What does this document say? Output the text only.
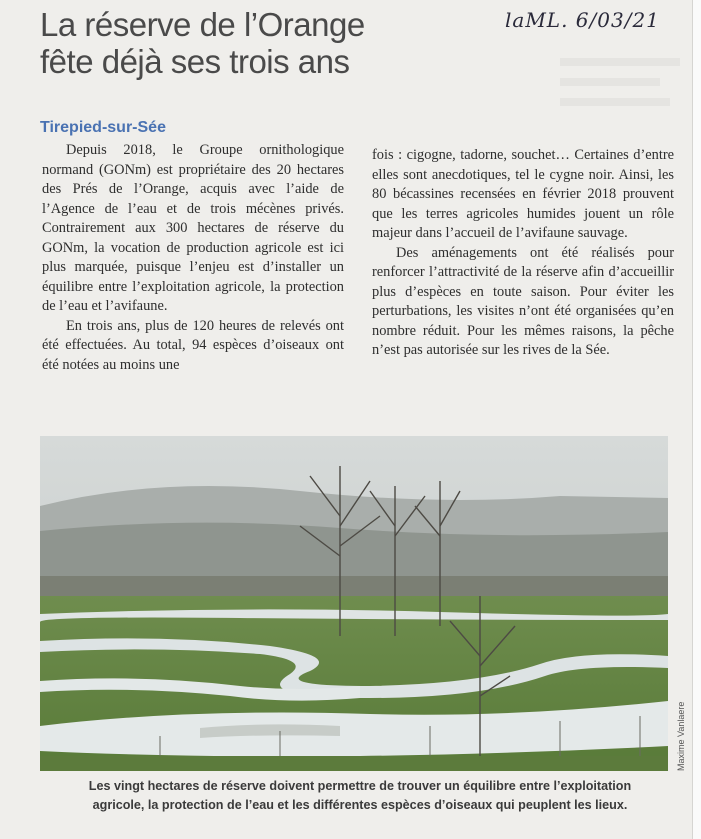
La réserve de l’Orange
fête déjà ses trois ans
laML. 6/03/21
Tirepied-sur-Sée

Depuis 2018, le Groupe ornithologique normand (GONm) est propriétaire des 20 hectares des Prés de l’Orange, acquis avec l’aide de l’Agence de l’eau et de trois mécènes privés. Contrairement aux 300 hectares de réserve du GONm, la vocation de production agricole est ici plus marquée, puisque l’enjeu est d’installer un équilibre entre l’exploitation agricole, la protection de l’eau et l’avifaune.

En trois ans, plus de 120 heures de relevés ont été effectuées. Au total, 94 espèces d’oiseaux ont été notées au moins une

fois : cigogne, tadorne, souchet… Certaines d’entre elles sont anecdotiques, tel le cygne noir. Ainsi, les 80 bécassines recensées en février 2018 prouvent que les terres agricoles humides jouent un rôle majeur dans l’accueil de l’avifaune sauvage.

Des aménagements ont été réalisés pour renforcer l’attractivité de la réserve afin d’accueillir plus d’espèces en toute saison. Pour éviter les perturbations, les visites n’ont été organisées qu’en nombre réduit. Pour les mêmes raisons, la pêche n’est pas autorisée sur les rives de la Sée.

Maxime Vanlaere
Les vingt hectares de réserve doivent permettre de trouver un équilibre entre l’exploitation
agricole, la protection de l’eau et les différentes espèces d’oiseaux qui peuplent les lieux.
